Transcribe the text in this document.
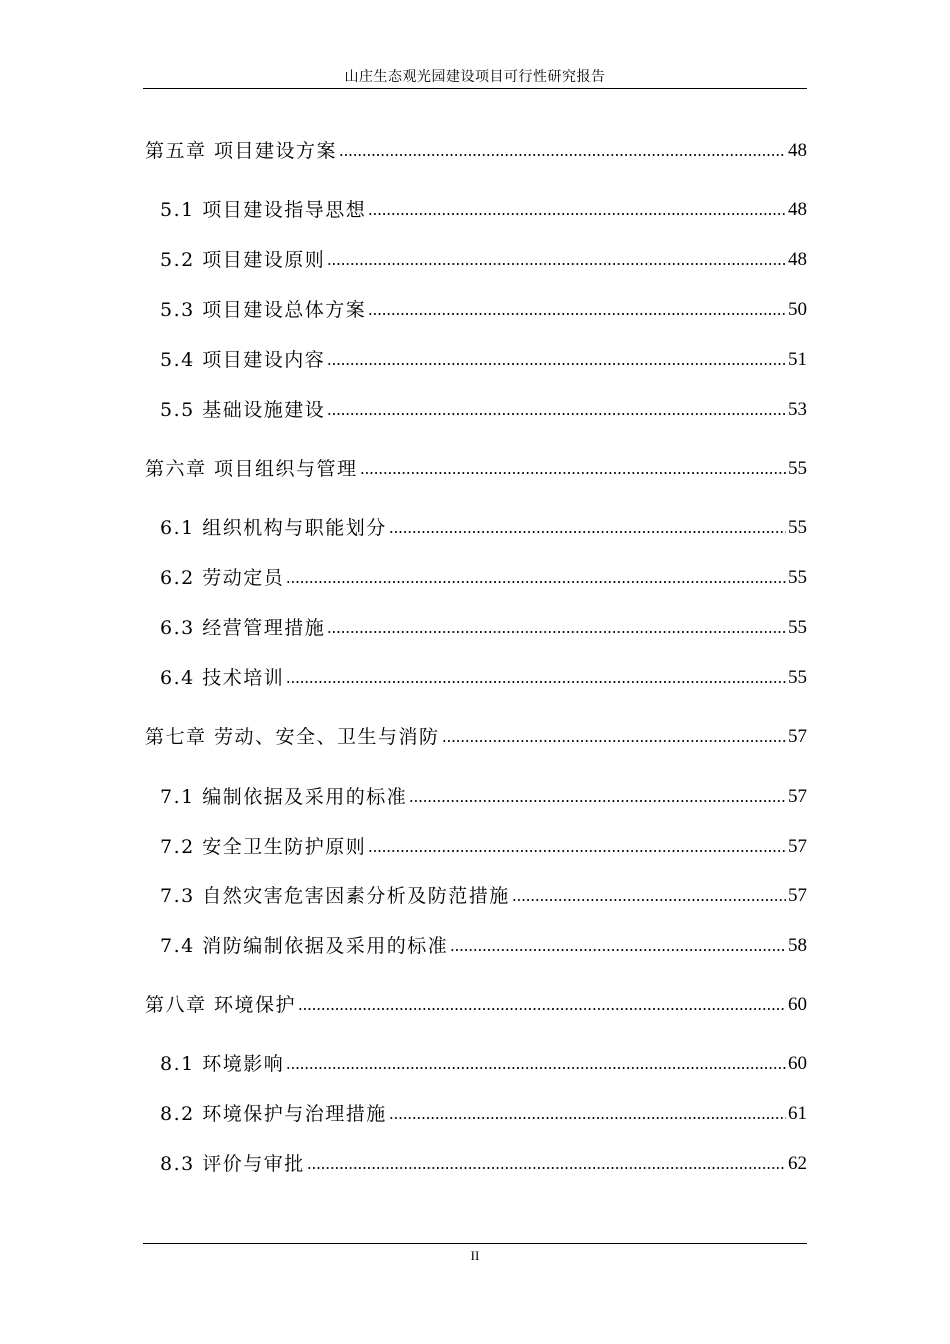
山庄生态观光园建设项目可行性研究报告
第五章 项目建设方案	48
5.1 项目建设指导思想	48
5.2 项目建设原则	48
5.3 项目建设总体方案	50
5.4 项目建设内容	51
5.5 基础设施建设	53
第六章 项目组织与管理	55
6.1 组织机构与职能划分	55
6.2 劳动定员	55
6.3 经营管理措施	55
6.4 技术培训	55
第七章 劳动、安全、卫生与消防	57
7.1 编制依据及采用的标准	57
7.2 安全卫生防护原则	57
7.3 自然灾害危害因素分析及防范措施	57
7.4 消防编制依据及采用的标准	58
第八章 环境保护	60
8.1 环境影响	60
8.2 环境保护与治理措施	61
8.3 评价与审批	62
II
